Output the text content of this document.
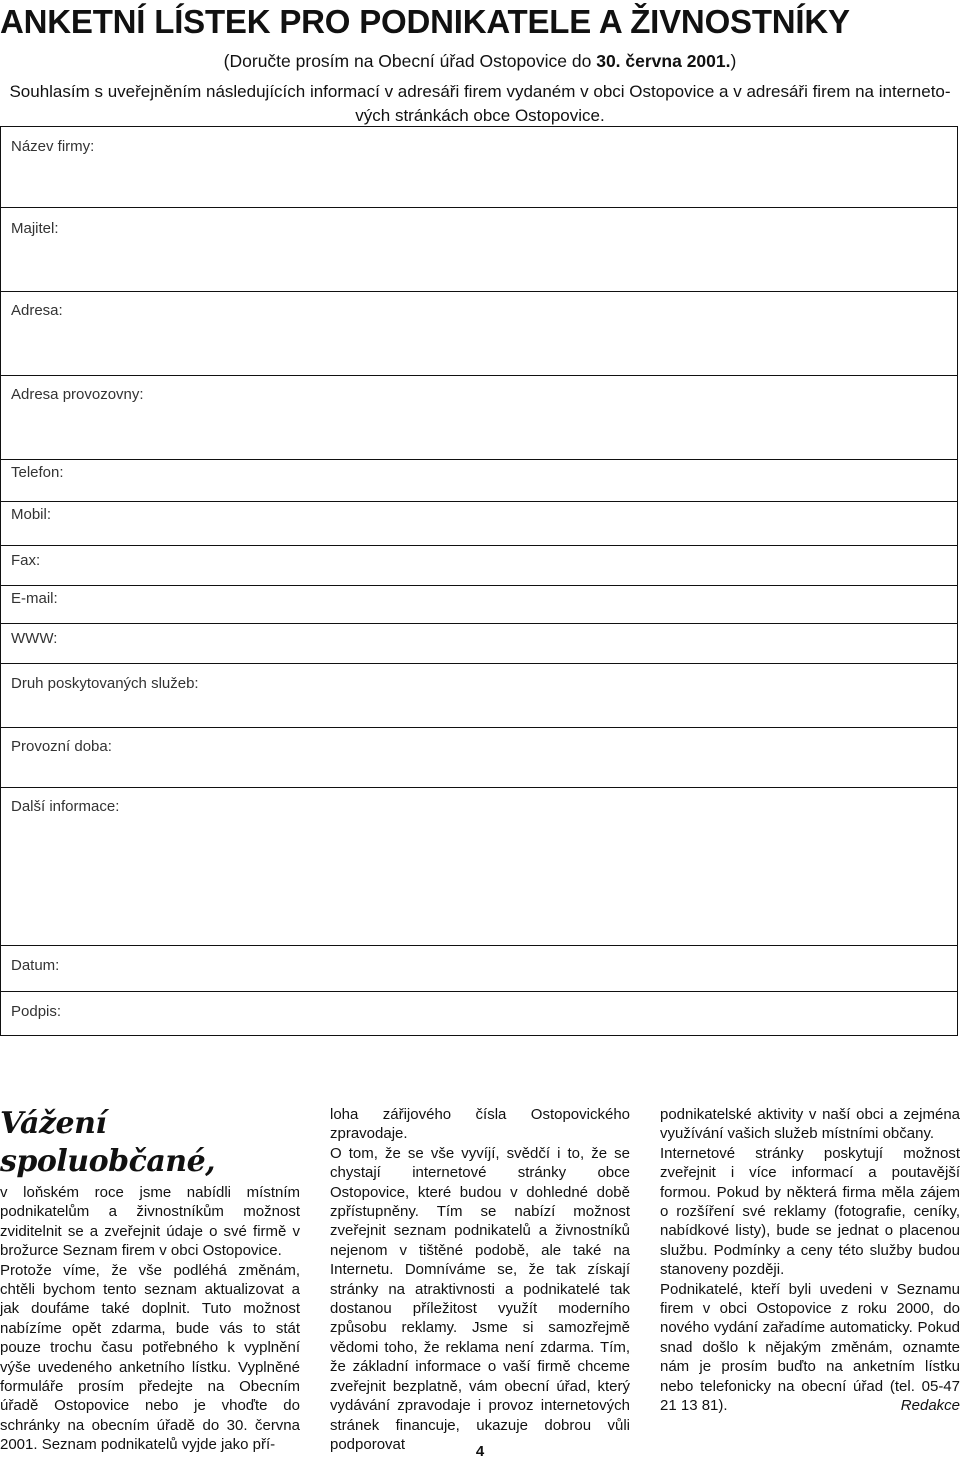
ANKETNÍ LÍSTEK PRO PODNIKATELE A ŽIVNOSTNÍKY
(Doručte prosím na Obecní úřad Ostopovice do 30. června 2001.)
Souhlasím s uveřejněním následujících informací v adresáři firem vydaném v obci Ostopovice a v adresáři firem na interneto-
vých stránkách obce Ostopovice.
Název firmy:
Majitel:
Adresa:
Adresa provozovny:
Telefon:
Mobil:
Fax:
E-mail:
WWW:
Druh poskytovaných služeb:
Provozní doba:
Další informace:
Datum:
Podpis:
Vážení spoluobčané,

v loňském roce jsme nabídli místním podnikatelům a živnostníkům možnost zviditelnit se a zveřejnit údaje o své firmě v brožurce Seznam firem v obci Ostopovice.

Protože víme, že vše podléhá změnám, chtěli bychom tento seznam aktualizovat a jak doufáme také doplnit. Tuto možnost nabízíme opět zdarma, bude vás to stát pouze trochu času potřebného k vyplnění výše uvedeného anketního lístku. Vyplněné formuláře prosím předejte na Obecním úřadě Ostopovice nebo je vhoďte do schránky na obecním úřadě do 30. června 2001. Seznam podnikatelů vyjde jako pří-

loha zářijového čísla Ostopovického zpravodaje.

O tom, že se vše vyvíjí, svědčí i to, že se chystají internetové stránky obce Ostopovice, které budou v dohledné době zpřístupněny. Tím se nabízí možnost zveřejnit seznam podnikatelů a živnostníků nejenom v tištěné podobě, ale také na Internetu. Domníváme se, že tak získají stránky na atraktivnosti a podnikatelé tak dostanou příležitost využít moderního způsobu reklamy. Jsme si samozřejmě vědomi toho, že reklama není zdarma. Tím, že základní informace o vaší firmě chceme zveřejnit bezplatně, vám obecní úřad, který vydávání zpravodaje i provoz internetových stránek financuje, ukazuje dobrou vůli podporovat

podnikatelské aktivity v naší obci a zejména využívání vašich služeb místními občany.

Internetové stránky poskytují možnost zveřejnit i více informací a poutavější formou. Pokud by některá firma měla zájem o rozšíření své reklamy (fotografie, ceníky, nabídkové listy), bude se jednat o placenou službu. Podmínky a ceny této služby budou stanoveny později.

Podnikatelé, kteří byli uvedeni v Seznamu firem v obci Ostopovice z roku 2000, do nového vydání zařadíme automaticky. Pokud snad došlo k nějakým změnám, oznamte nám je prosím buďto na anketním lístku nebo telefonicky na obecní úřad (tel. 05-47 21 13 81).	Redakce

4
